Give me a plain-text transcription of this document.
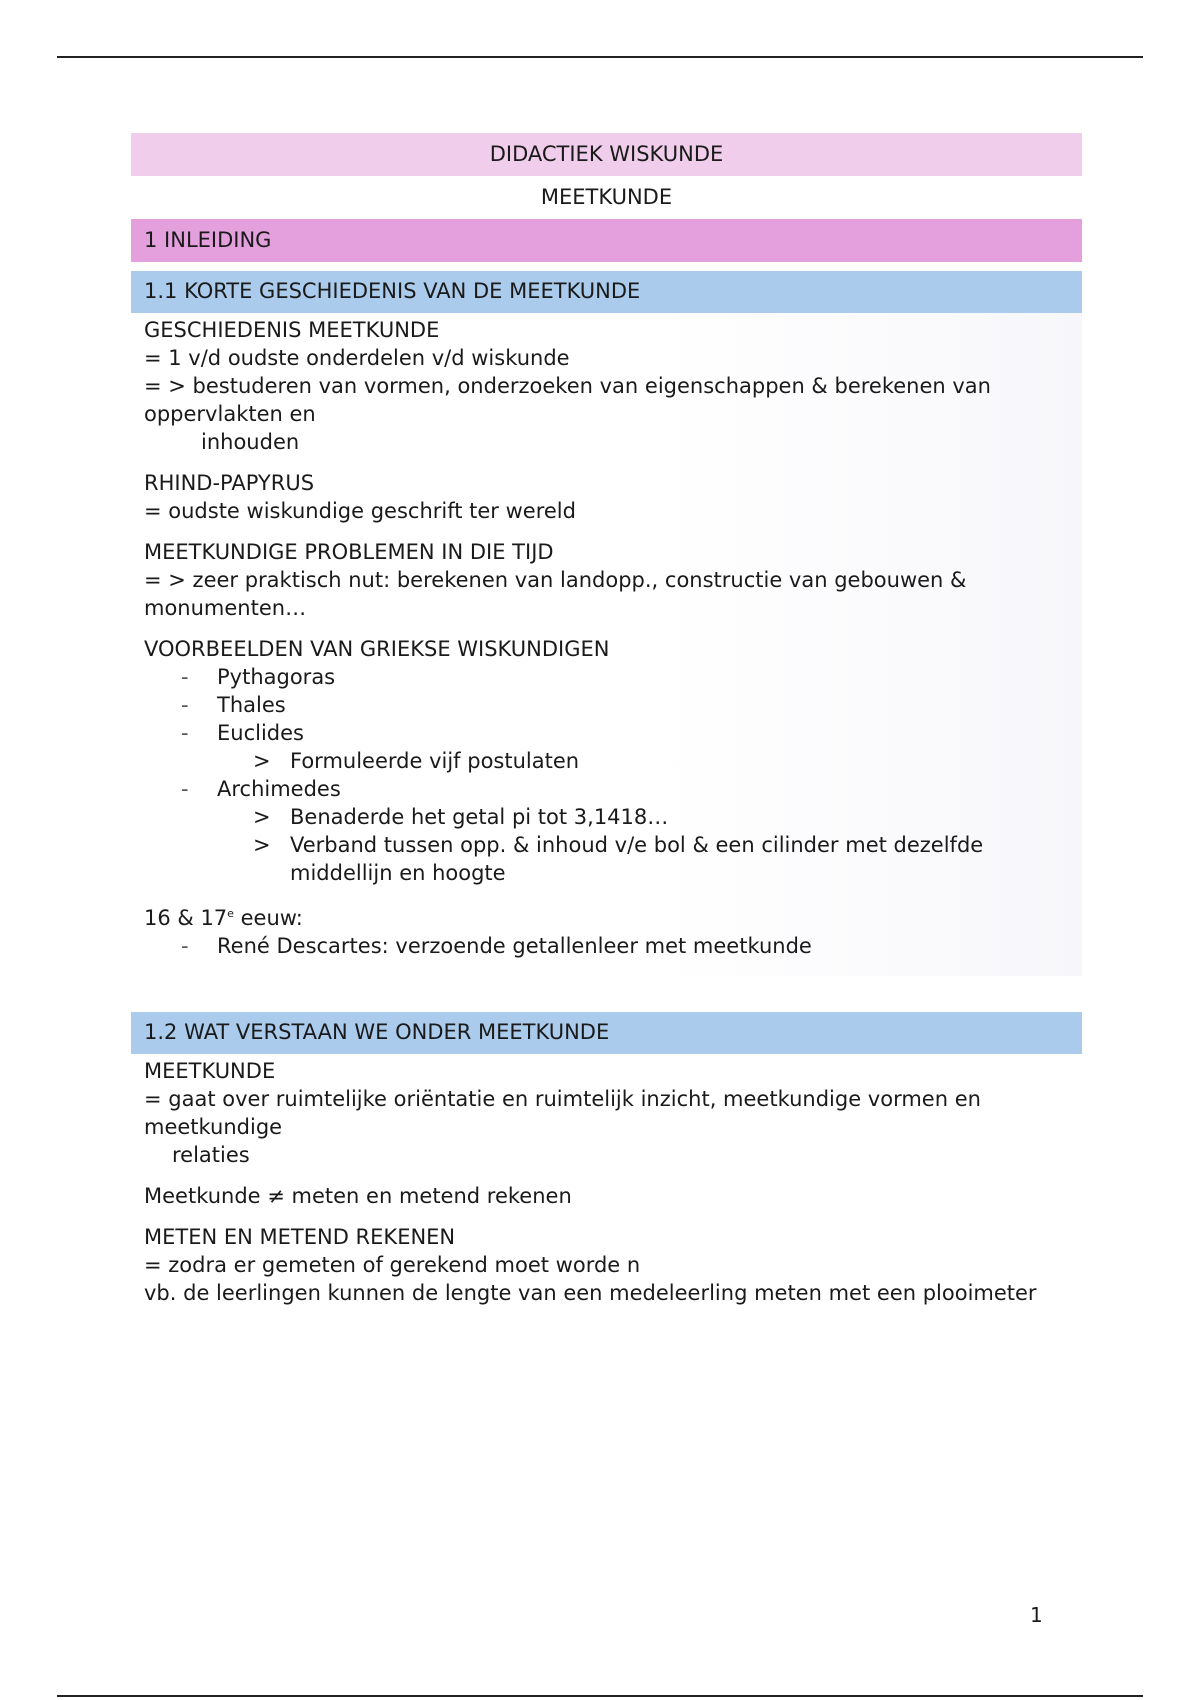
DIDACTIEK WISKUNDE
MEETKUNDE
1 INLEIDING
1.1 KORTE GESCHIEDENIS VAN DE MEETKUNDE
GESCHIEDENIS MEETKUNDE
= 1 v/d oudste onderdelen v/d wiskunde
= > bestuderen van vormen, onderzoeken van eigenschappen & berekenen van oppervlakten en
inhouden
RHIND-PAPYRUS
= oudste wiskundige geschrift ter wereld
MEETKUNDIGE PROBLEMEN IN DIE TIJD
= > zeer praktisch nut: berekenen van landopp., constructie van gebouwen & monumenten…
VOORBEELDEN VAN GRIEKSE WISKUNDIGEN
- Pythagoras
- Thales
- Euclides
> Formuleerde vijf postulaten
- Archimedes
> Benaderde het getal pi tot 3,1418…
> Verband tussen opp. & inhoud v/e bol & een cilinder met dezelfde middellijn en hoogte
16 & 17e eeuw:
- René Descartes: verzoende getallenleer met meetkunde
1.2 WAT VERSTAAN WE ONDER MEETKUNDE
MEETKUNDE
= gaat over ruimtelijke oriëntatie en ruimtelijk inzicht, meetkundige vormen en meetkundige
relaties
Meetkunde ≠ meten en metend rekenen
METEN EN METEND REKENEN
= zodra er gemeten of gerekend moet worde n
vb. de leerlingen kunnen de lengte van een medeleerling meten met een plooimeter
1
